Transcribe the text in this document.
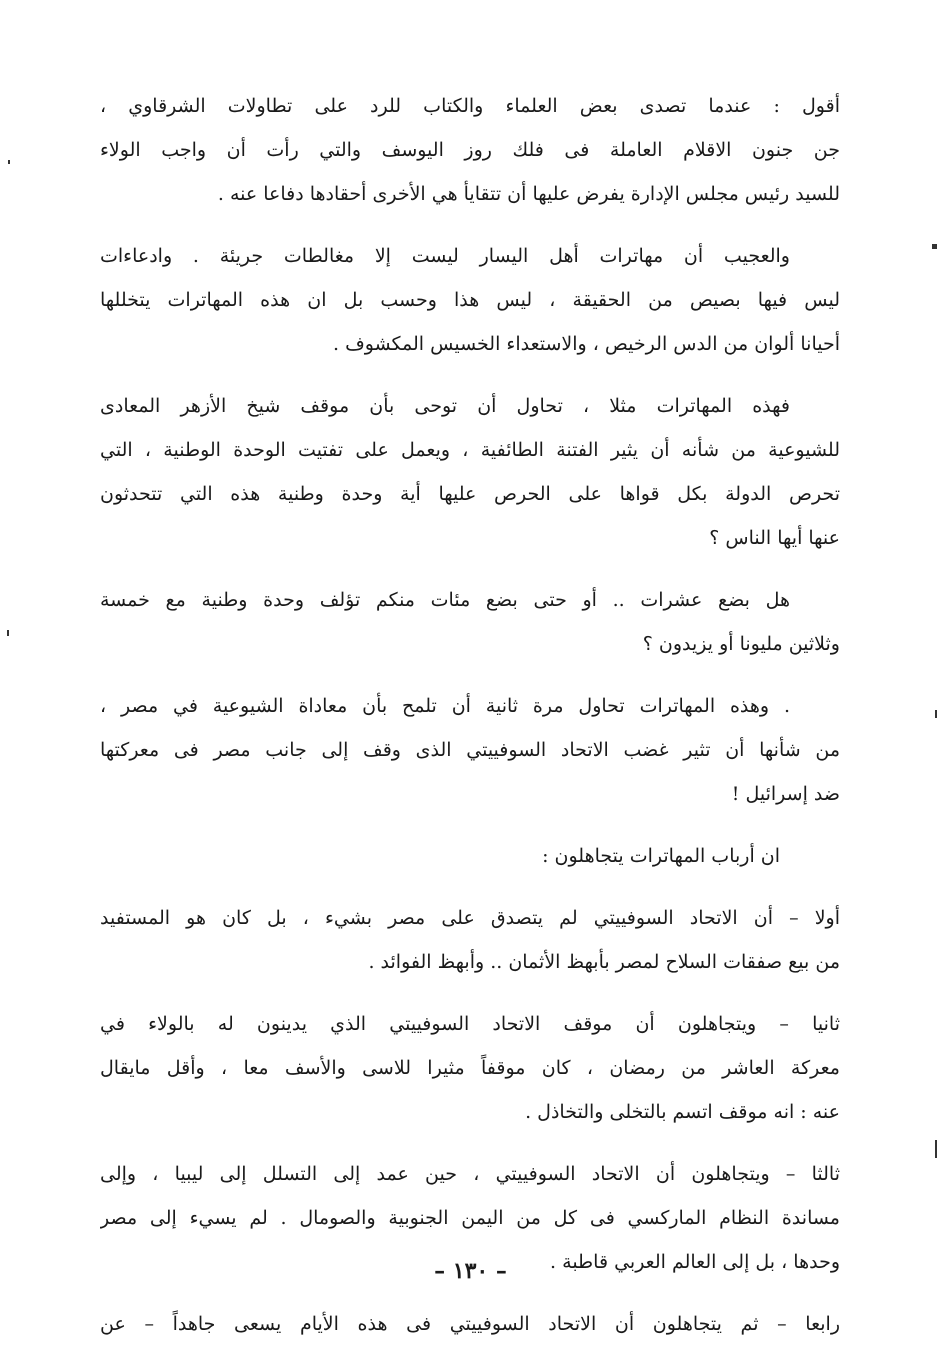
أقول : عندما تصدى بعض العلماء والكتاب للرد على تطاولات الشرقاوي ،
جن جنون الاقلام العاملة فى فلك روز اليوسف والتي رأت أن واجب الولاء
للسيد رئيس مجلس الإدارة يفرض عليها أن تتقايأ هي الأخرى أحقادها دفاعا عنه .
والعجيب أن مهاترات أهل اليسار ليست إلا مغالطات جريئة . وادعاءات
ليس فيها بصيص من الحقيقة ، ليس هذا وحسب بل ان هذه المهاترات يتخللها
أحيانا ألوان من الدس الرخيص ، والاستعداء الخسيس المكشوف .
فهذه المهاترات مثلا ، تحاول أن توحى بأن موقف شيخ الأزهر المعادى
للشيوعية من شأنه أن يثير الفتنة الطائفية ، ويعمل على تفتيت الوحدة الوطنية ، التي
تحرص الدولة بكل قواها على الحرص عليها أية وحدة وطنية هذه التي تتحدثون
عنها أيها الناس ؟
هل بضع عشرات .. أو حتى بضع مئات منكم تؤلف وحدة وطنية مع خمسة
وثلاثين مليونا أو يزيدون ؟
. وهذه المهاترات تحاول مرة ثانية أن تلمح بأن معاداة الشيوعية في مصر ،
من شأنها أن تثير غضب الاتحاد السوفييتي الذى وقف إلى جانب مصر فى معركتها
ضد إسرائيل !
ان أرباب المهاترات يتجاهلون :
أولا – أن الاتحاد السوفييتي لم يتصدق على مصر بشيء ، بل كان هو المستفيد
من بيع صفقات السلاح لمصر بأبهظ الأثمان .. وأبهظ الفوائد .
ثانيا – ويتجاهلون أن موقف الاتحاد السوفييتي الذي يدينون له بالولاء في
معركة العاشر من رمضان ، كان موقفاً مثيرا للاسى والأسف معا ، وأقل مايقال
عنه : انه موقف اتسم بالتخلى والتخاذل .
ثالثا – ويتجاهلون أن الاتحاد السوفييتي ، حين عمد إلى التسلل إلى ليبيا ، وإلى
مساندة النظام الماركسي فى كل من اليمن الجنوبية والصومال . لم يسيء إلى مصر
وحدها ، بل إلى العالم العربي قاطبة .
رابعا – ثم يتجاهلون أن الاتحاد السوفييتي فى هذه الأيام يسعى جاهداً – عن
– ١٣٠ –
